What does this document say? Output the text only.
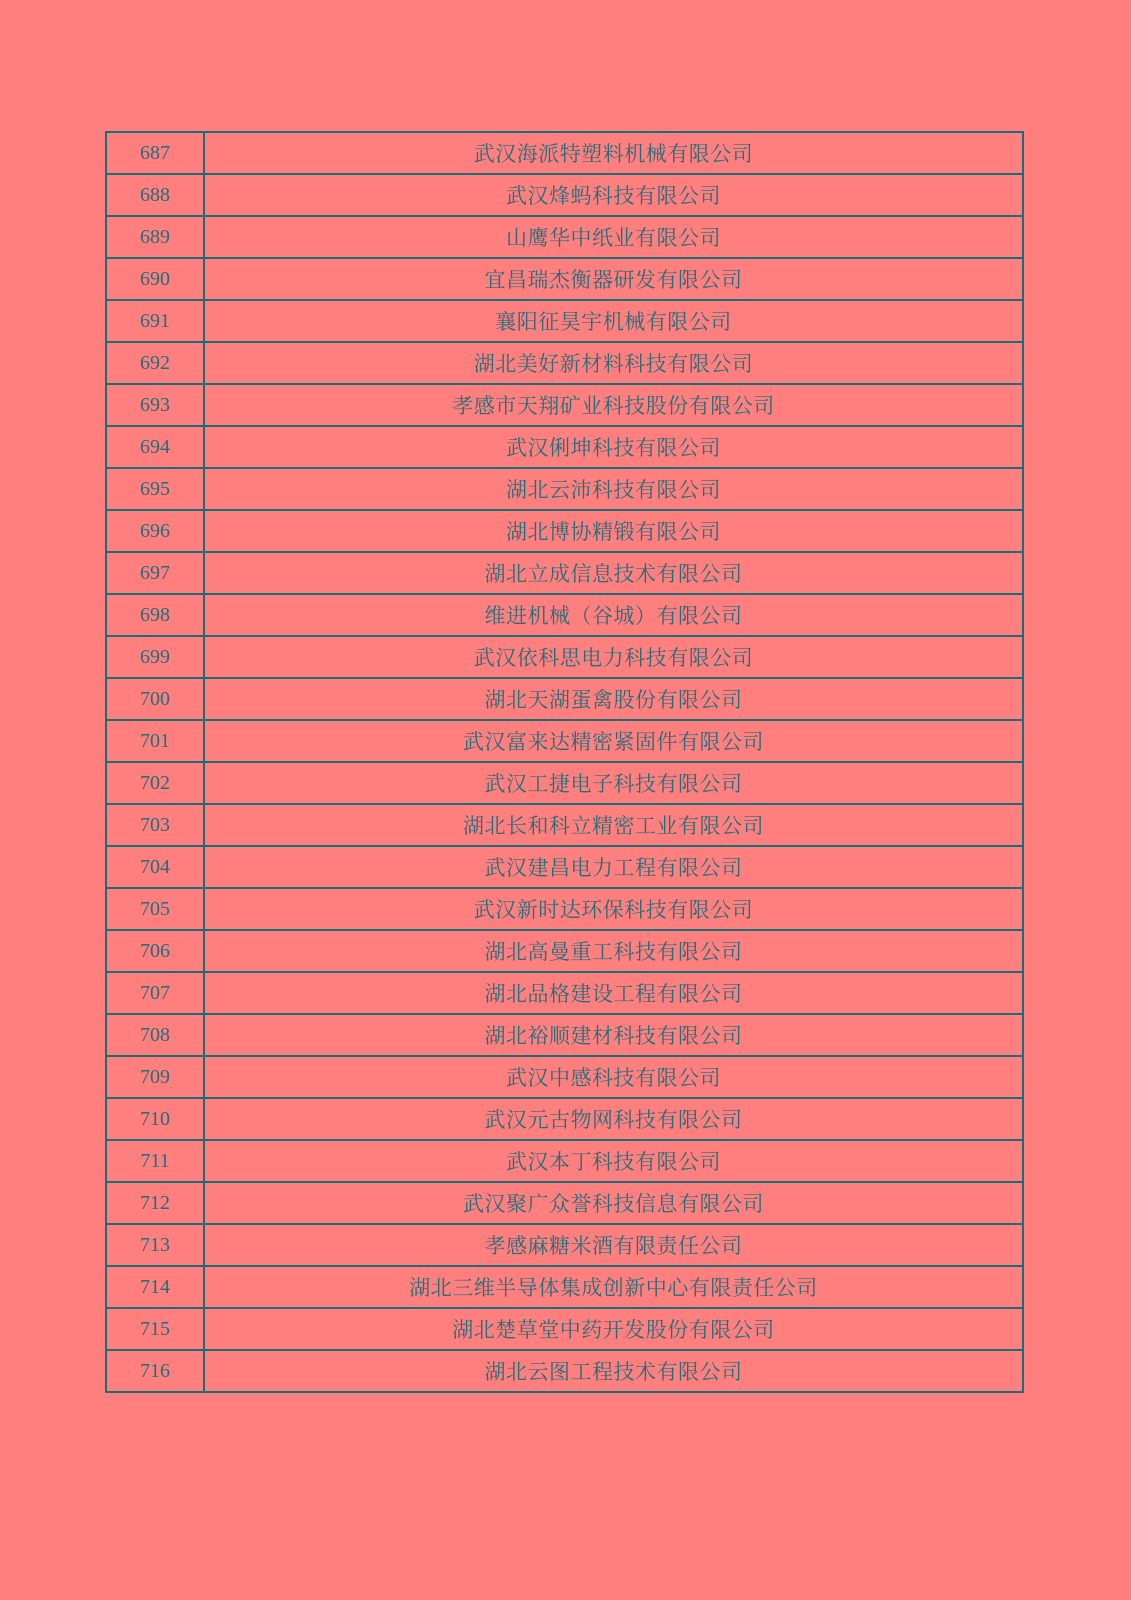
687	武汉海派特塑料机械有限公司
688	武汉烽蚂科技有限公司
689	山鹰华中纸业有限公司
690	宜昌瑞杰衡器研发有限公司
691	襄阳征昊宇机械有限公司
692	湖北美好新材料科技有限公司
693	孝感市天翔矿业科技股份有限公司
694	武汉俐坤科技有限公司
695	湖北云沛科技有限公司
696	湖北博协精锻有限公司
697	湖北立成信息技术有限公司
698	维进机械（谷城）有限公司
699	武汉依科思电力科技有限公司
700	湖北天湖蛋禽股份有限公司
701	武汉富来达精密紧固件有限公司
702	武汉工捷电子科技有限公司
703	湖北长和科立精密工业有限公司
704	武汉建昌电力工程有限公司
705	武汉新时达环保科技有限公司
706	湖北高曼重工科技有限公司
707	湖北品格建设工程有限公司
708	湖北裕顺建材科技有限公司
709	武汉中感科技有限公司
710	武汉元古物网科技有限公司
711	武汉本丁科技有限公司
712	武汉聚广众誉科技信息有限公司
713	孝感麻糖米酒有限责任公司
714	湖北三维半导体集成创新中心有限责任公司
715	湖北楚草堂中药开发股份有限公司
716	湖北云图工程技术有限公司
